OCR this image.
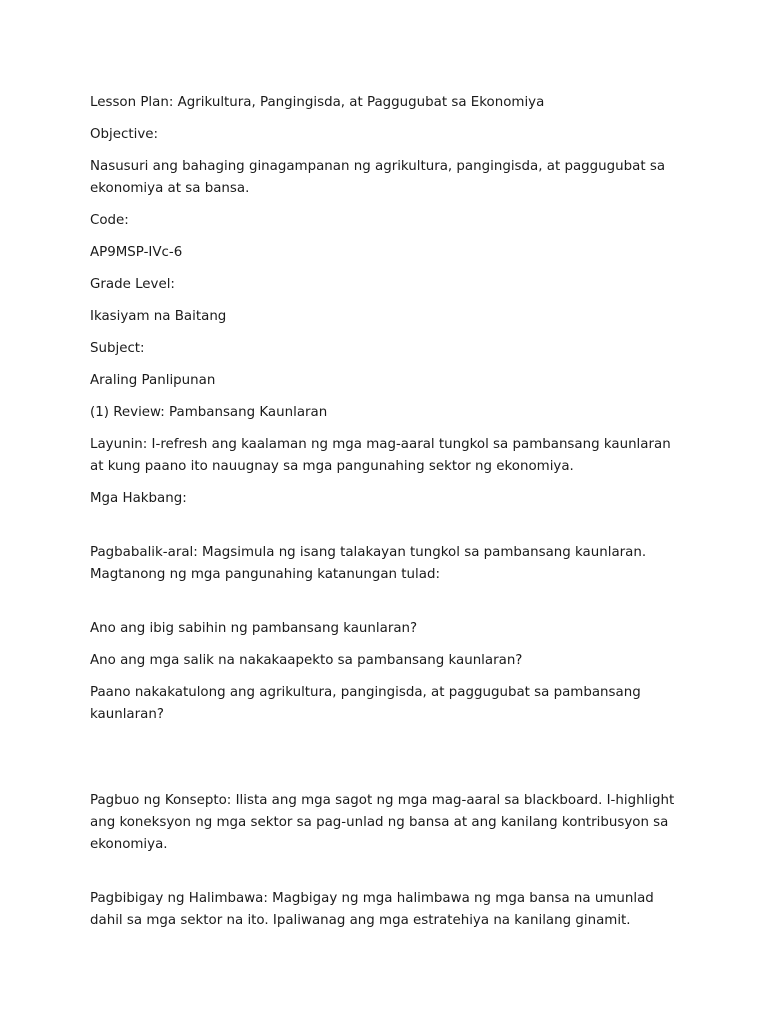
Lesson Plan: Agrikultura, Pangingisda, at Paggugubat sa Ekonomiya

Objective:

Nasusuri ang bahaging ginagampanan ng agrikultura, pangingisda, at paggugubat sa ekonomiya at sa bansa.

Code:

AP9MSP-IVc-6

Grade Level:

Ikasiyam na Baitang

Subject:

Araling Panlipunan

(1) Review: Pambansang Kaunlaran

Layunin: I-refresh ang kaalaman ng mga mag-aaral tungkol sa pambansang kaunlaran at kung paano ito nauugnay sa mga pangunahing sektor ng ekonomiya.

Mga Hakbang:

Pagbabalik-aral: Magsimula ng isang talakayan tungkol sa pambansang kaunlaran. Magtanong ng mga pangunahing katanungan tulad:

Ano ang ibig sabihin ng pambansang kaunlaran?

Ano ang mga salik na nakakaapekto sa pambansang kaunlaran?

Paano nakakatulong ang agrikultura, pangingisda, at paggugubat sa pambansang kaunlaran?

Pagbuo ng Konsepto: Ilista ang mga sagot ng mga mag-aaral sa blackboard. I-highlight ang koneksyon ng mga sektor sa pag-unlad ng bansa at ang kanilang kontribusyon sa ekonomiya.

Pagbibigay ng Halimbawa: Magbigay ng mga halimbawa ng mga bansa na umunlad dahil sa mga sektor na ito. Ipaliwanag ang mga estratehiya na kanilang ginamit.
